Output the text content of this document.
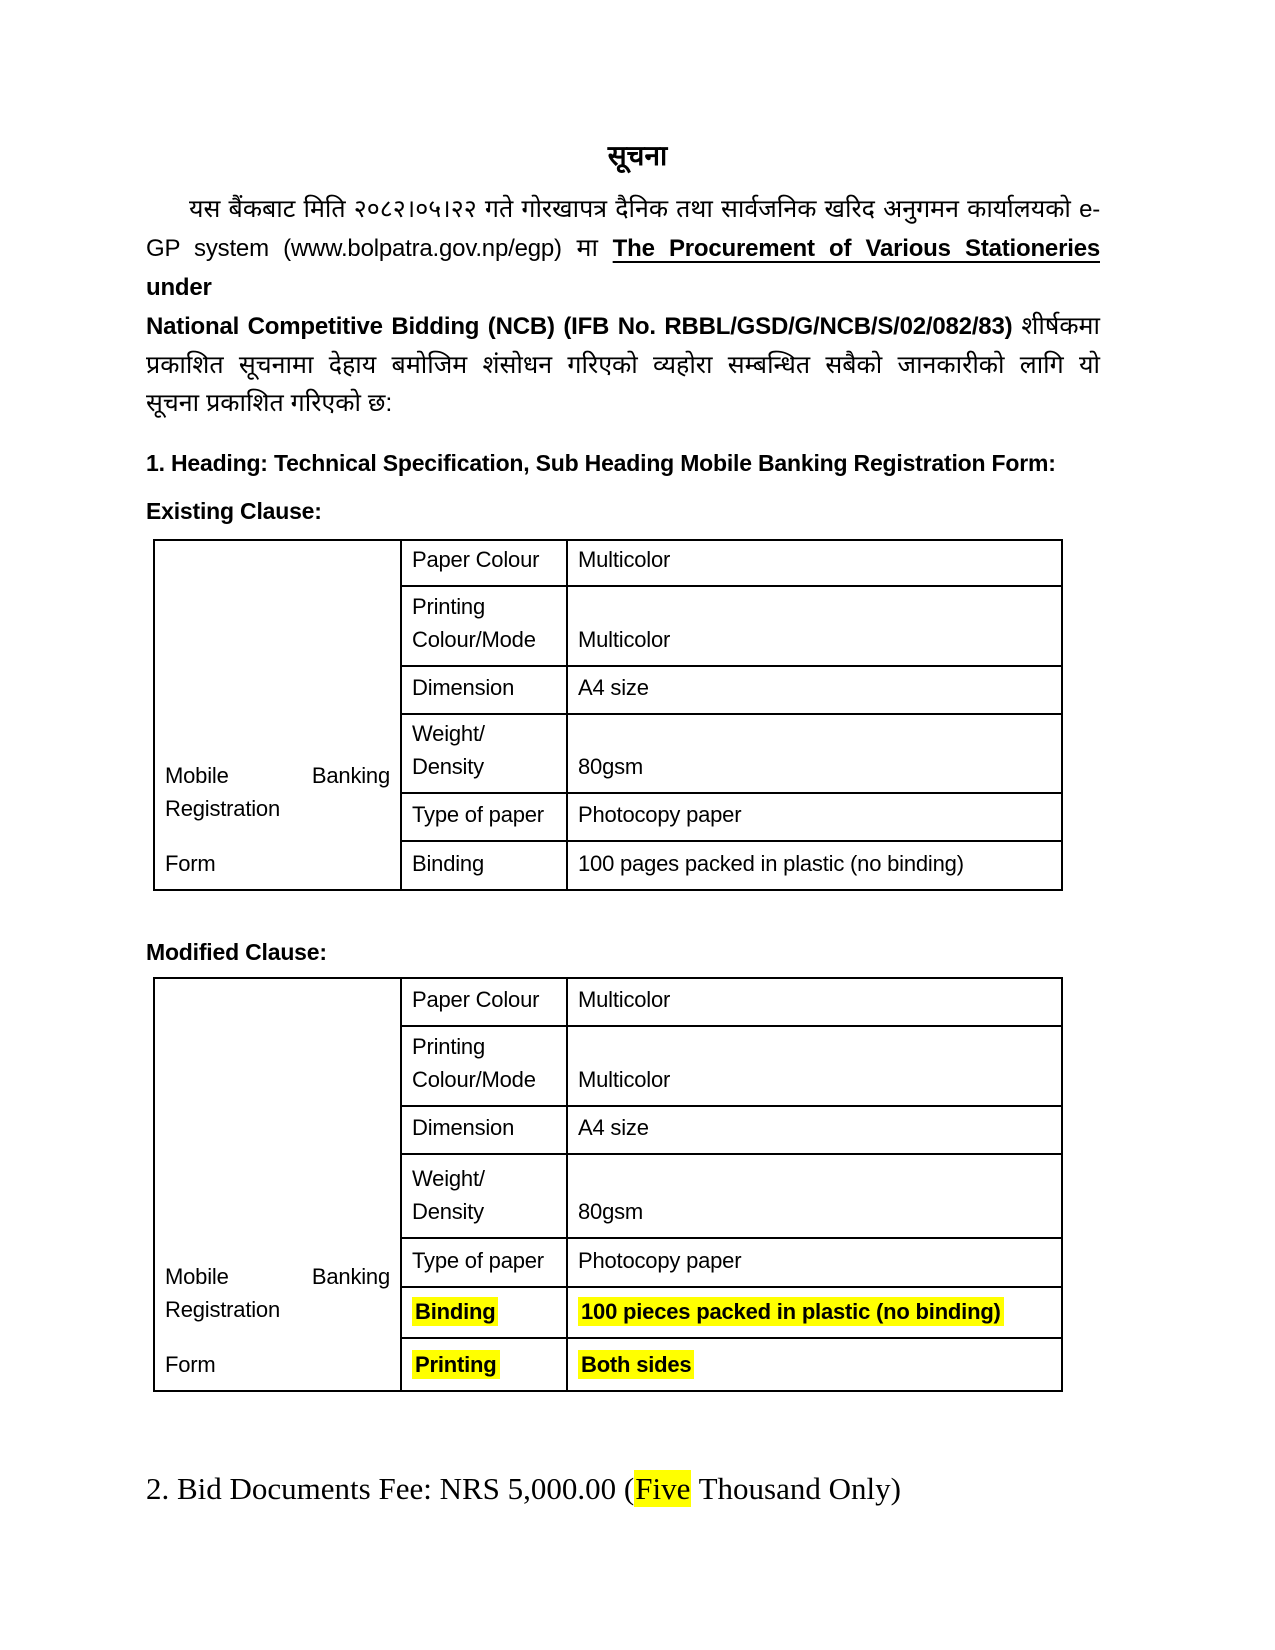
सूचना
यस बैंकबाट मिति २०८२।०५।२२ गते गोरखापत्र दैनिक तथा सार्वजनिक खरिद अनुगमन कार्यालयको e-
GP system (www.bolpatra.gov.np/egp) मा The Procurement of Various Stationeries under
National Competitive Bidding (NCB) (IFB No. RBBL/GSD/G/NCB/S/02/082/83) शीर्षकमा
प्रकाशित सूचनामा देहाय बमोजिम शंसोधन गरिएको व्यहोरा सम्बन्धित सबैको जानकारीको लागि यो
सूचना प्रकाशित गरिएको छ:
1. Heading: Technical Specification, Sub Heading Mobile Banking Registration Form:
Existing Clause:
Mobile Banking Registration
Form	Paper Colour	Multicolor
	Printing Colour/Mode	Multicolor
	Dimension	A4 size
	Weight/ Density	80gsm
	Type of paper	Photocopy paper
	Binding	100 pages packed in plastic (no binding)
Modified Clause:
Mobile Banking Registration
Form	Paper Colour	Multicolor
	Printing Colour/Mode	Multicolor
	Dimension	A4 size
	Weight/ Density	80gsm
	Type of paper	Photocopy paper
	Binding	100 pieces packed in plastic (no binding)
	Printing	Both sides
2. Bid Documents Fee: NRS 5,000.00 (Five Thousand Only)
